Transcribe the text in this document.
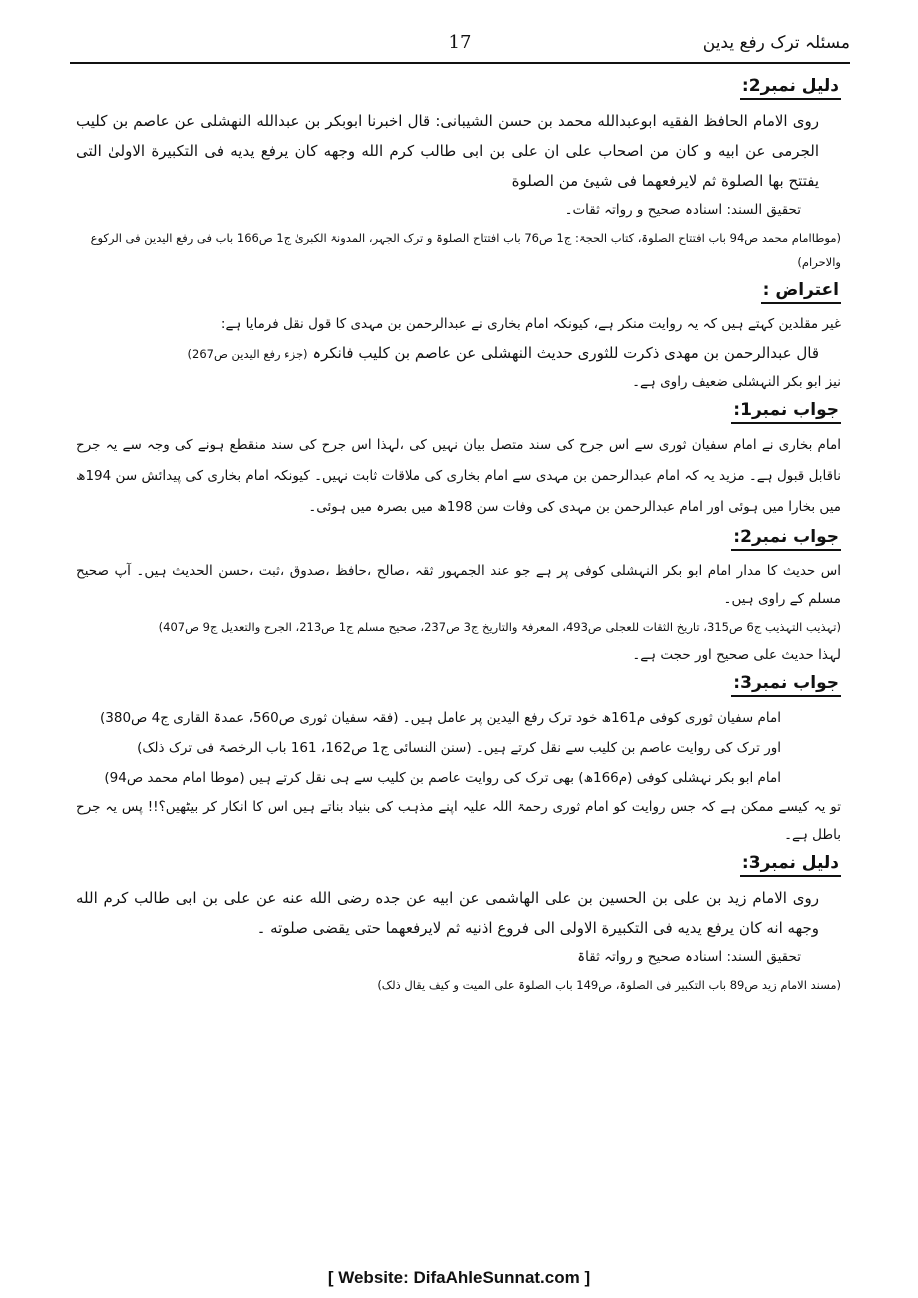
مسئلہ ترک رفع یدین
17
دلیل نمبر2:

روی الامام الحافظ الفقیه ابوعبدالله محمد بن حسن الشیبانی: قال اخبرنا ابوبکر بن عبدالله النهشلی عن عاصم بن کلیب الجرمی عن ابیه و کان من اصحاب علی ان علی بن ابی طالب کرم الله وجهه کان یرفع یدیه فی التکبیرة الاولیٰ التی یفتتح بها الصلوة ثم لایرفعهما فی شیئ من الصلوة

تحقیق السند: اسنادہ صحیح و رواتہ ثقات۔

(موطاامام محمد ص94 باب افتتاح الصلوۃ، کتاب الحجۃ: ج1 ص76 باب افتتاح الصلوۃ و ترک الجہر، المدونۃ الکبریٰ ج1 ص166 باب فی رفع الیدین فی الرکوع والاحرام)

اعتراض :

غیر مقلدین کہتے ہیں کہ یہ روایت منکر ہے، کیونکہ امام بخاری نے عبدالرحمن بن مہدی کا قول نقل فرمایا ہے:

قال عبدالرحمن بن مهدی ذکرت للثوری حدیث النهشلی عن عاصم بن کلیب فانکرہ (جزء رفع الیدین ص267)

نیز ابو بکر النہشلی ضعیف راوی ہے۔

جواب نمبر1:

امام بخاری نے امام سفیان ثوری سے اس جرح کی سند متصل بیان نہیں کی ،لہذا اس جرح کی سند منقطع ہونے کی وجہ سے یہ جرح ناقابل قبول ہے۔ مزید یہ کہ امام عبدالرحمن بن مہدی سے امام بخاری کی ملاقات ثابت نہیں۔ کیونکہ امام بخاری کی پیدائش سن 194ھ میں بخارا میں ہوئی اور امام عبدالرحمن بن مہدی کی وفات سن 198ھ میں بصرہ میں ہوئی۔

جواب نمبر2:

اس حدیث کا مدار امام ابو بکر النہشلی کوفی پر ہے جو عند الجمہور ثقہ ،صالح ،حافظ ،صدوق ،ثبت ،حسن الحدیث ہیں۔ آپ صحیح مسلم کے راوی ہیں۔

(تہذیب التہذیب ج6 ص315، تاریخ الثقات للعجلی ص493، المعرفۃ والتاریخ ج3 ص237، صحیح مسلم ج1 ص213، الجرح والتعدیل ج9 ص407)

لہذا حدیث علی صحیح اور حجت ہے۔

جواب نمبر3:
امام سفیان ثوری کوفی م161ھ خود ترک رفع الیدین پر عامل ہیں۔ (فقہ سفیان ثوری ص560، عمدۃ القاری ج4 ص380)
اور ترک کی روایت عاصم بن کلیب سے نقل کرتے ہیں۔ (سنن النسائی ج1 ص162، 161 باب الرخصۃ فی ترک ذلک)
امام ابو بکر نہشلی کوفی (م166ھ) بھی ترک کی روایت عاصم بن کلیب سے ہی نقل کرتے ہیں (موطا امام محمد ص94)

تو یہ کیسے ممکن ہے کہ جس روایت کو امام ثوری رحمۃ اللہ علیہ اپنے مذہب کی بنیاد بناتے ہیں اس کا انکار کر بیٹھیں؟!! پس یہ جرح باطل ہے۔

دلیل نمبر3:

روی الامام زید بن علی بن الحسین بن علی الهاشمی عن ابیه عن جده رضی الله عنه عن علی بن ابی طالب کرم الله وجهه انه کان یرفع یدیه فی التکبیرة الاولی الی فروع اذنیه ثم لایرفعهما حتی یقضی صلوته ۔

تحقیق السند: اسنادہ صحیح و رواتہ ثقاۃ

(مسند الامام زید ص89 باب التکبیر فی الصلوۃ، ص149 باب الصلوۃ علی المیت و کیف یقال ذلک)

[ Website: DifaAhleSunnat.com ]
